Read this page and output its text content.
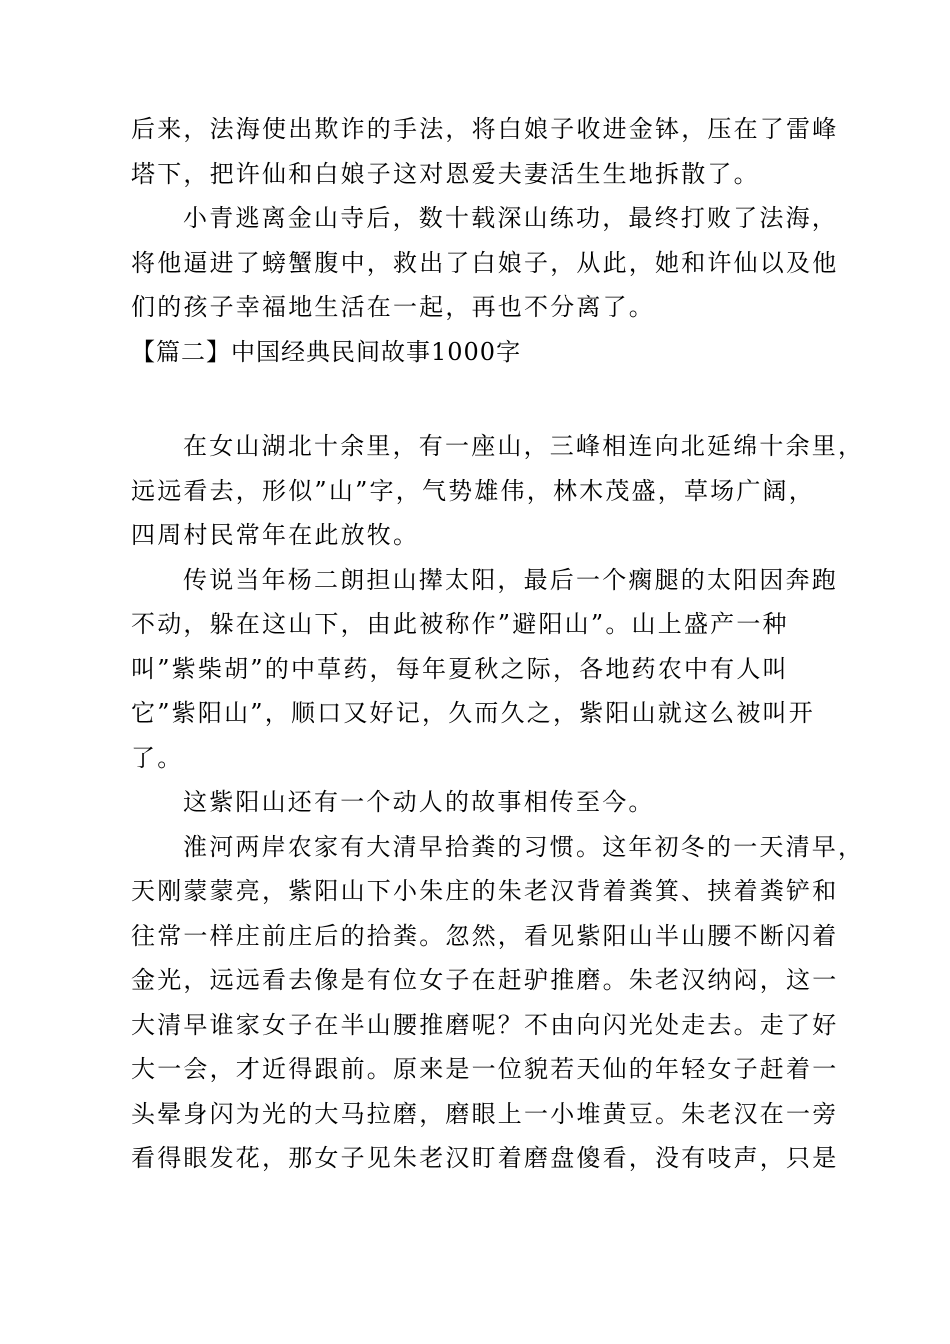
后来，法海使出欺诈的手法，将白娘子收进金钵，压在了雷峰
塔下，把许仙和白娘子这对恩爱夫妻活生生地拆散了。
小青逃离金山寺后，数十载深山练功，最终打败了法海，
将他逼进了螃蟹腹中，救出了白娘子，从此，她和许仙以及他
们的孩子幸福地生活在一起，再也不分离了。
【篇二】中国经典民间故事1000字
在女山湖北十余里，有一座山，三峰相连向北延绵十余里，
远远看去，形似”山”字，气势雄伟，林木茂盛，草场广阔，
四周村民常年在此放牧。
传说当年杨二朗担山撵太阳，最后一个瘸腿的太阳因奔跑
不动，躲在这山下，由此被称作”避阳山”。山上盛产一种
叫”紫柴胡”的中草药，每年夏秋之际，各地药农中有人叫
它”紫阳山”，顺口又好记，久而久之，紫阳山就这么被叫开
了。
这紫阳山还有一个动人的故事相传至今。
淮河两岸农家有大清早拾粪的习惯。这年初冬的一天清早，
天刚蒙蒙亮，紫阳山下小朱庄的朱老汉背着粪箕、挟着粪铲和
往常一样庄前庄后的拾粪。忽然，看见紫阳山半山腰不断闪着
金光，远远看去像是有位女子在赶驴推磨。朱老汉纳闷，这一
大清早谁家女子在半山腰推磨呢？不由向闪光处走去。走了好
大一会，才近得跟前。原来是一位貌若天仙的年轻女子赶着一
头晕身闪为光的大马拉磨，磨眼上一小堆黄豆。朱老汉在一旁
看得眼发花，那女子见朱老汉盯着磨盘傻看，没有吱声，只是
